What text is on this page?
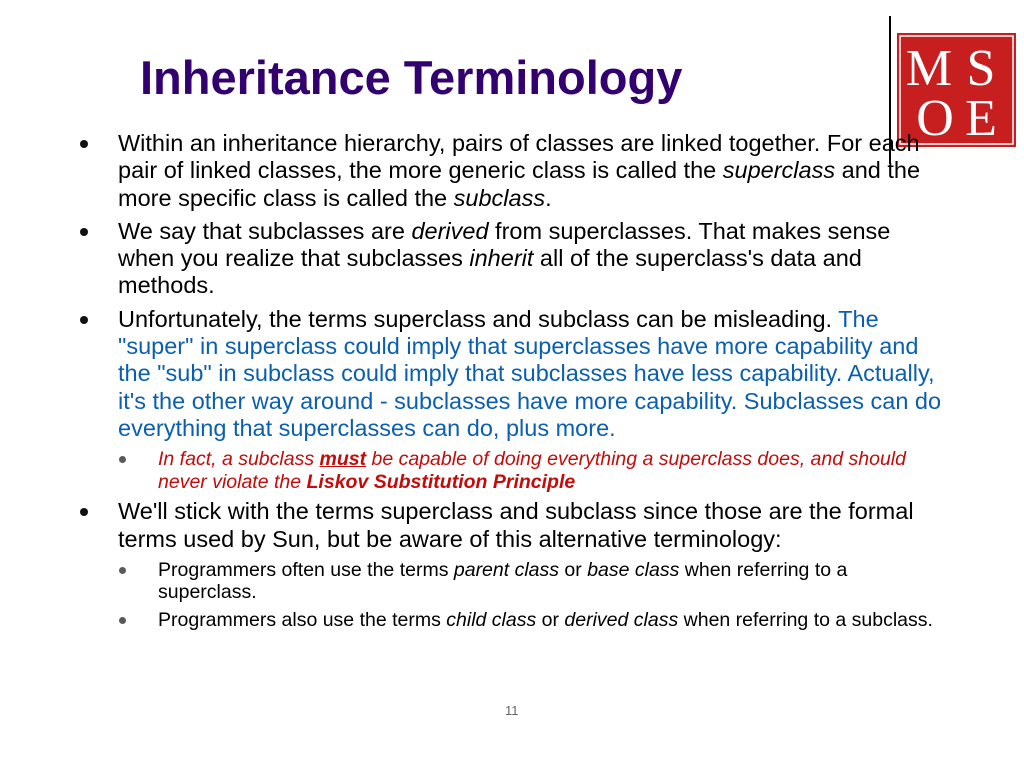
Inheritance Terminology	M S
O E
Within an inheritance hierarchy, pairs of classes are linked together. For each pair of linked classes, the more generic class is called the superclass and the more specific class is called the subclass.
We say that subclasses are derived from superclasses. That makes sense when you realize that subclasses inherit all of the superclass's data and methods.
Unfortunately, the terms superclass and subclass can be misleading. The "super" in superclass could imply that superclasses have more capability and the "sub" in subclass could imply that subclasses have less capability. Actually, it's the other way around - subclasses have more capability. Subclasses can do everything that superclasses can do, plus more.
In fact, a subclass must be capable of doing everything a superclass does, and should never violate the Liskov Substitution Principle
We'll stick with the terms superclass and subclass since those are the formal terms used by Sun, but be aware of this alternative terminology:
Programmers often use the terms parent class or base class when referring to a superclass.
Programmers also use the terms child class or derived class when referring to a subclass.
11
